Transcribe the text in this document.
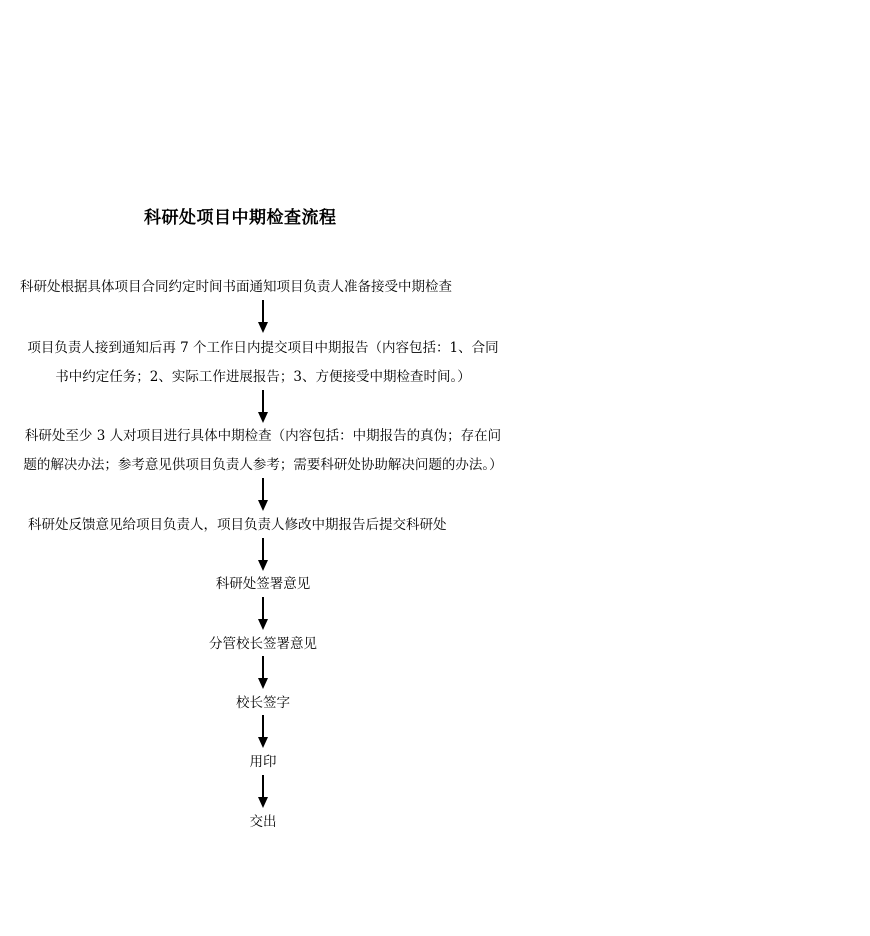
科研处项目中期检查流程
科研处根据具体项目合同约定时间书面通知项目负责人准备接受中期检查
项目负责人接到通知后再 7 个工作日内提交项目中期报告（内容包括：1、合同
书中约定任务；2、实际工作进展报告；3、方便接受中期检查时间。）
科研处至少 3 人对项目进行具体中期检查（内容包括：中期报告的真伪；存在问
题的解决办法；参考意见供项目负责人参考；需要科研处协助解决问题的办法。）
科研处反馈意见给项目负责人，项目负责人修改中期报告后提交科研处
科研处签署意见
分管校长签署意见
校长签字
用印
交出
